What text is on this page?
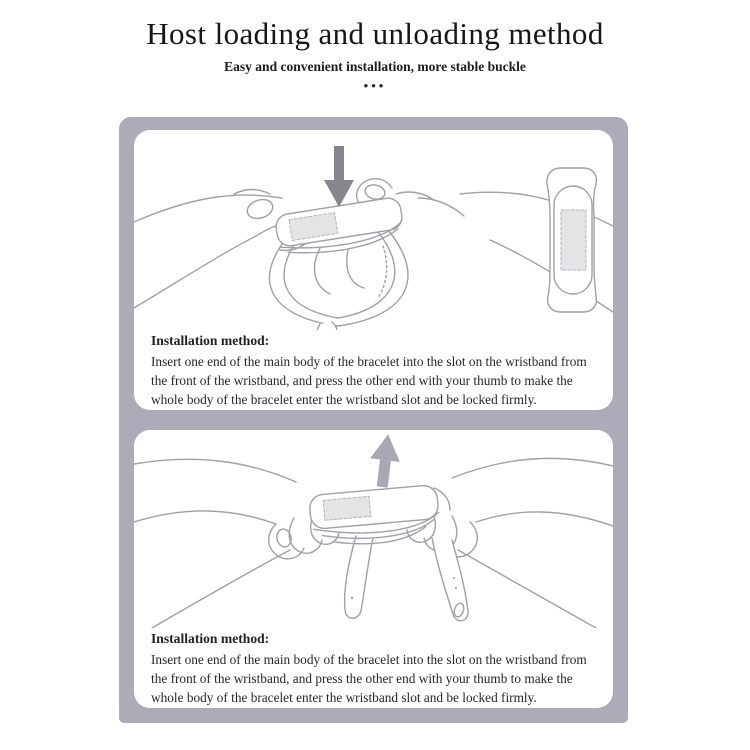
Host loading and unloading method
Easy and convenient installation, more stable buckle
•••

Installation method:

Insert one end of the main body of the bracelet into the slot on the wristband from the front of the wristband, and press the other end with your thumb to make the whole body of the bracelet enter the wristband slot and be locked firmly.

Installation method:

Insert one end of the main body of the bracelet into the slot on the wristband from the front of the wristband, and press the other end with your thumb to make the whole body of the bracelet enter the wristband slot and be locked firmly.
